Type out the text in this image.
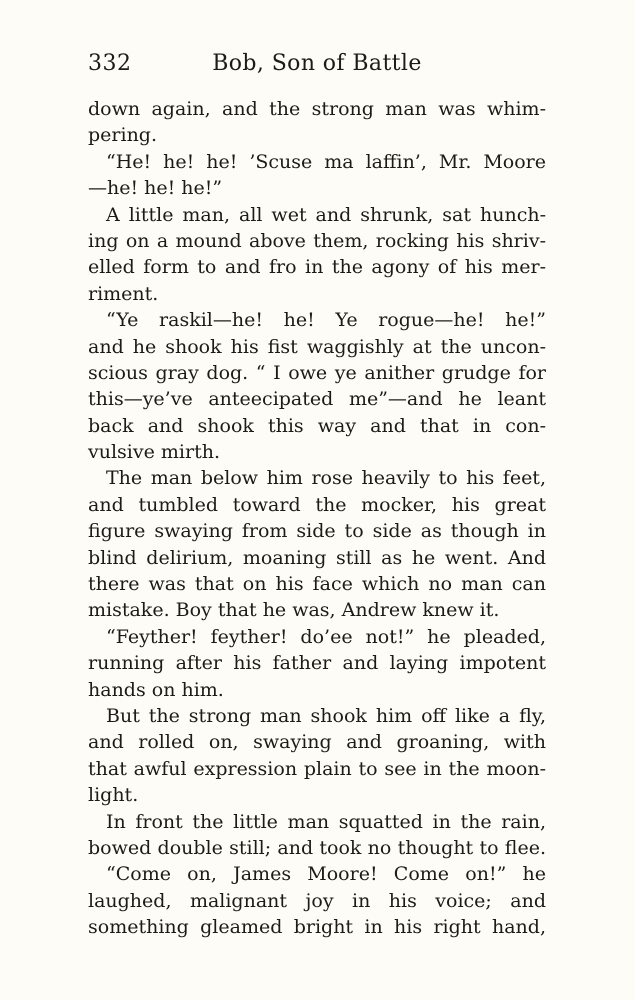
332	Bob, Son of Battle
down again, and the strong man was whim-
pering.
“He! he! he! ’Scuse ma laffin’, Mr. Moore
—he! he! he!”
A little man, all wet and shrunk, sat hunch-
ing on a mound above them, rocking his shriv-
elled form to and fro in the agony of his mer-
riment.
“Ye raskil—he! he! Ye rogue—he! he!”
and he shook his fist waggishly at the uncon-
scious gray dog. “ I owe ye anither grudge for
this—ye’ve anteecipated me”—and he leant
back and shook this way and that in con-
vulsive mirth.
The man below him rose heavily to his feet,
and tumbled toward the mocker, his great
figure swaying from side to side as though in
blind delirium, moaning still as he went. And
there was that on his face which no man can
mistake. Boy that he was, Andrew knew it.
“Feyther! feyther! do’ee not!” he pleaded,
running after his father and laying impotent
hands on him.
But the strong man shook him off like a fly,
and rolled on, swaying and groaning, with
that awful expression plain to see in the moon-
light.
In front the little man squatted in the rain,
bowed double still; and took no thought to flee.
“Come on, James Moore! Come on!” he
laughed, malignant joy in his voice; and
something gleamed bright in his right hand,
